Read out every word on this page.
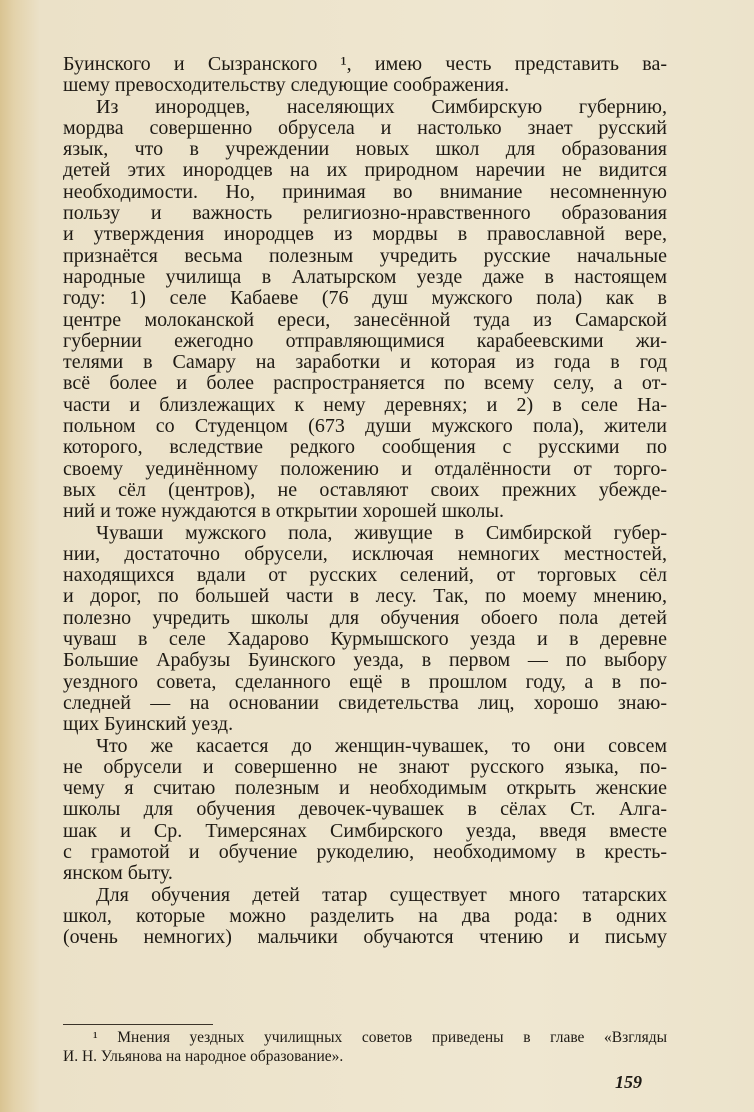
Буинского и Сызранского ¹, имею честь представить ва-
шему превосходительству следующие соображения.
Из инородцев, населяющих Симбирскую губернию,
мордва совершенно обрусела и настолько знает русский
язык, что в учреждении новых школ для образования
детей этих инородцев на их природном наречии не видится
необходимости. Но, принимая во внимание несомненную
пользу и важность религиозно-нравственного образования
и утверждения инородцев из мордвы в православной вере,
признаётся весьма полезным учредить русские начальные
народные училища в Алатырском уезде даже в настоящем
году: 1) селе Кабаеве (76 душ мужского пола) как в
центре молоканской ереси, занесённой туда из Самарской
губернии ежегодно отправляющимися карабеевскими жи-
телями в Самару на заработки и которая из года в год
всё более и более распространяется по всему селу, а от-
части и близлежащих к нему деревнях; и 2) в селе На-
польном со Студенцом (673 души мужского пола), жители
которого, вследствие редкого сообщения с русскими по
своему уединённому положению и отдалённости от торго-
вых сёл (центров), не оставляют своих прежних убежде-
ний и тоже нуждаются в открытии хорошей школы.
Чуваши мужского пола, живущие в Симбирской губер-
нии, достаточно обрусели, исключая немногих местностей,
находящихся вдали от русских селений, от торговых сёл
и дорог, по большей части в лесу. Так, по моему мнению,
полезно учредить школы для обучения обоего пола детей
чуваш в селе Хадарово Курмышского уезда и в деревне
Большие Арабузы Буинского уезда, в первом — по выбору
уездного совета, сделанного ещё в прошлом году, а в по-
следней — на основании свидетельства лиц, хорошо знаю-
щих Буинский уезд.
Что же касается до женщин-чувашек, то они совсем
не обрусели и совершенно не знают русского языка, по-
чему я считаю полезным и необходимым открыть женские
школы для обучения девочек-чувашек в сёлах Ст. Алга-
шак и Ср. Тимерсянах Симбирского уезда, введя вместе
с грамотой и обучение рукоделию, необходимому в кресть-
янском быту.
Для обучения детей татар существует много татарских
школ, которые можно разделить на два рода: в одних
(очень немногих) мальчики обучаются чтению и письму
¹ Мнения уездных училищных советов приведены в главе «Взгляды
И. Н. Ульянова на народное образование».
159
